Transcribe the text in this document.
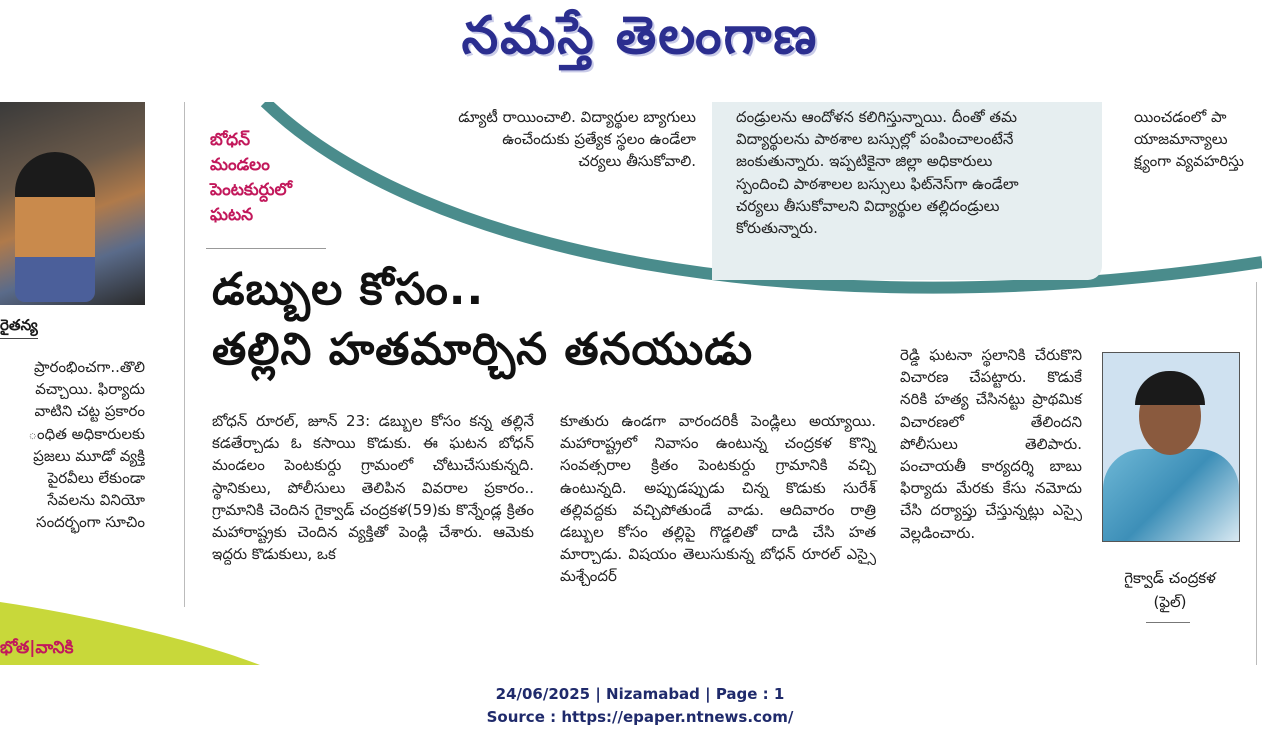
నమస్తే తెలంగాణ
రైతన్య

ప్రారంభించగా..తొలి

వచ్చాయి. ఫిర్యాదు

వాటిని చట్ట ప్రకారం

ంధిత అధికారులకు

ప్రజలు మూడో వ్యక్తి

పైరవీలు లేకుండా

సేవలను వినియో

సందర్భంగా సూచిం

భోత|వానికి

డ్యూటీ రాయించాలి. విద్యార్థుల బ్యాగులు

ఉంచేందుకు ప్రత్యేక స్థలం ఉండేలా

చర్యలు తీసుకోవాలి.

దండ్రులను ఆందోళన కలిగిస్తున్నాయి. దీంతో తమ

విద్యార్థులను పాఠశాల బస్సుల్లో పంపించాలంటేనే

జంకుతున్నారు. ఇప్పటికైనా జిల్లా అధికారులు

స్పందించి పాఠశాలల బస్సులు ఫిట్‌నెస్‌గా ఉండేలా

చర్యలు తీసుకోవాలని విద్యార్థుల తల్లిదండ్రులు

కోరుతున్నారు.

యించడంలో పా

యాజమాన్యాలు

క్ష్యంగా వ్యవహరిస్తు

బోధన్
మండలం
పెంటకుర్దులో
ఘటన
డబ్బుల కోసం..
తల్లిని హతమార్చిన తనయుడు

బోధన్ రూరల్, జూన్ 23: డబ్బుల కోసం కన్న తల్లినే కడతేర్చాడు ఓ కసాయి కొడుకు. ఈ ఘటన బోధన్ మండలం పెంటకుర్దు గ్రామంలో చోటుచేసుకున్నది. స్థానికులు, పోలీసులు తెలిపిన వివరాల ప్రకారం.. గ్రామానికి చెందిన గైక్వాడ్ చంద్రకళ(59)కు కొన్నేండ్ల క్రితం మహారాష్ట్రకు చెందిన వ్యక్తితో పెండ్లి చేశారు. ఆమెకు ఇద్దరు కొడుకులు, ఒక

కూతురు ఉండగా వారందరికీ పెండ్లిలు అయ్యాయి. మహారాష్ట్రలో నివాసం ఉంటున్న చంద్రకళ కొన్ని సంవత్సరాల క్రితం పెంటకుర్దు గ్రామానికి వచ్చి ఉంటున్నది. అప్పుడప్పుడు చిన్న కొడుకు సురేశ్ తల్లివద్దకు వచ్చిపోతుండే వాడు. ఆదివారం రాత్రి డబ్బుల కోసం తల్లిపై గొడ్డలితో దాడి చేసి హత మార్చాడు. విషయం తెలుసుకున్న బోధన్ రూరల్ ఎస్సై మశ్చేందర్

రెడ్డి ఘటనా స్థలానికి చేరుకొని విచారణ చేపట్టారు. కొడుకే నరికి హత్య చేసినట్టు ప్రాథమిక విచారణలో తేలిందని పోలీసులు తెలిపారు. పంచాయతీ కార్యదర్శి బాబు ఫిర్యాదు మేరకు కేసు నమోదు చేసి దర్యాప్తు చేస్తున్నట్లు ఎస్సై వెల్లడించారు.

గైక్వాడ్ చంద్రకళ
(ఫైల్)
24/06/2025 | Nizamabad | Page : 1
Source : https://epaper.ntnews.com/
